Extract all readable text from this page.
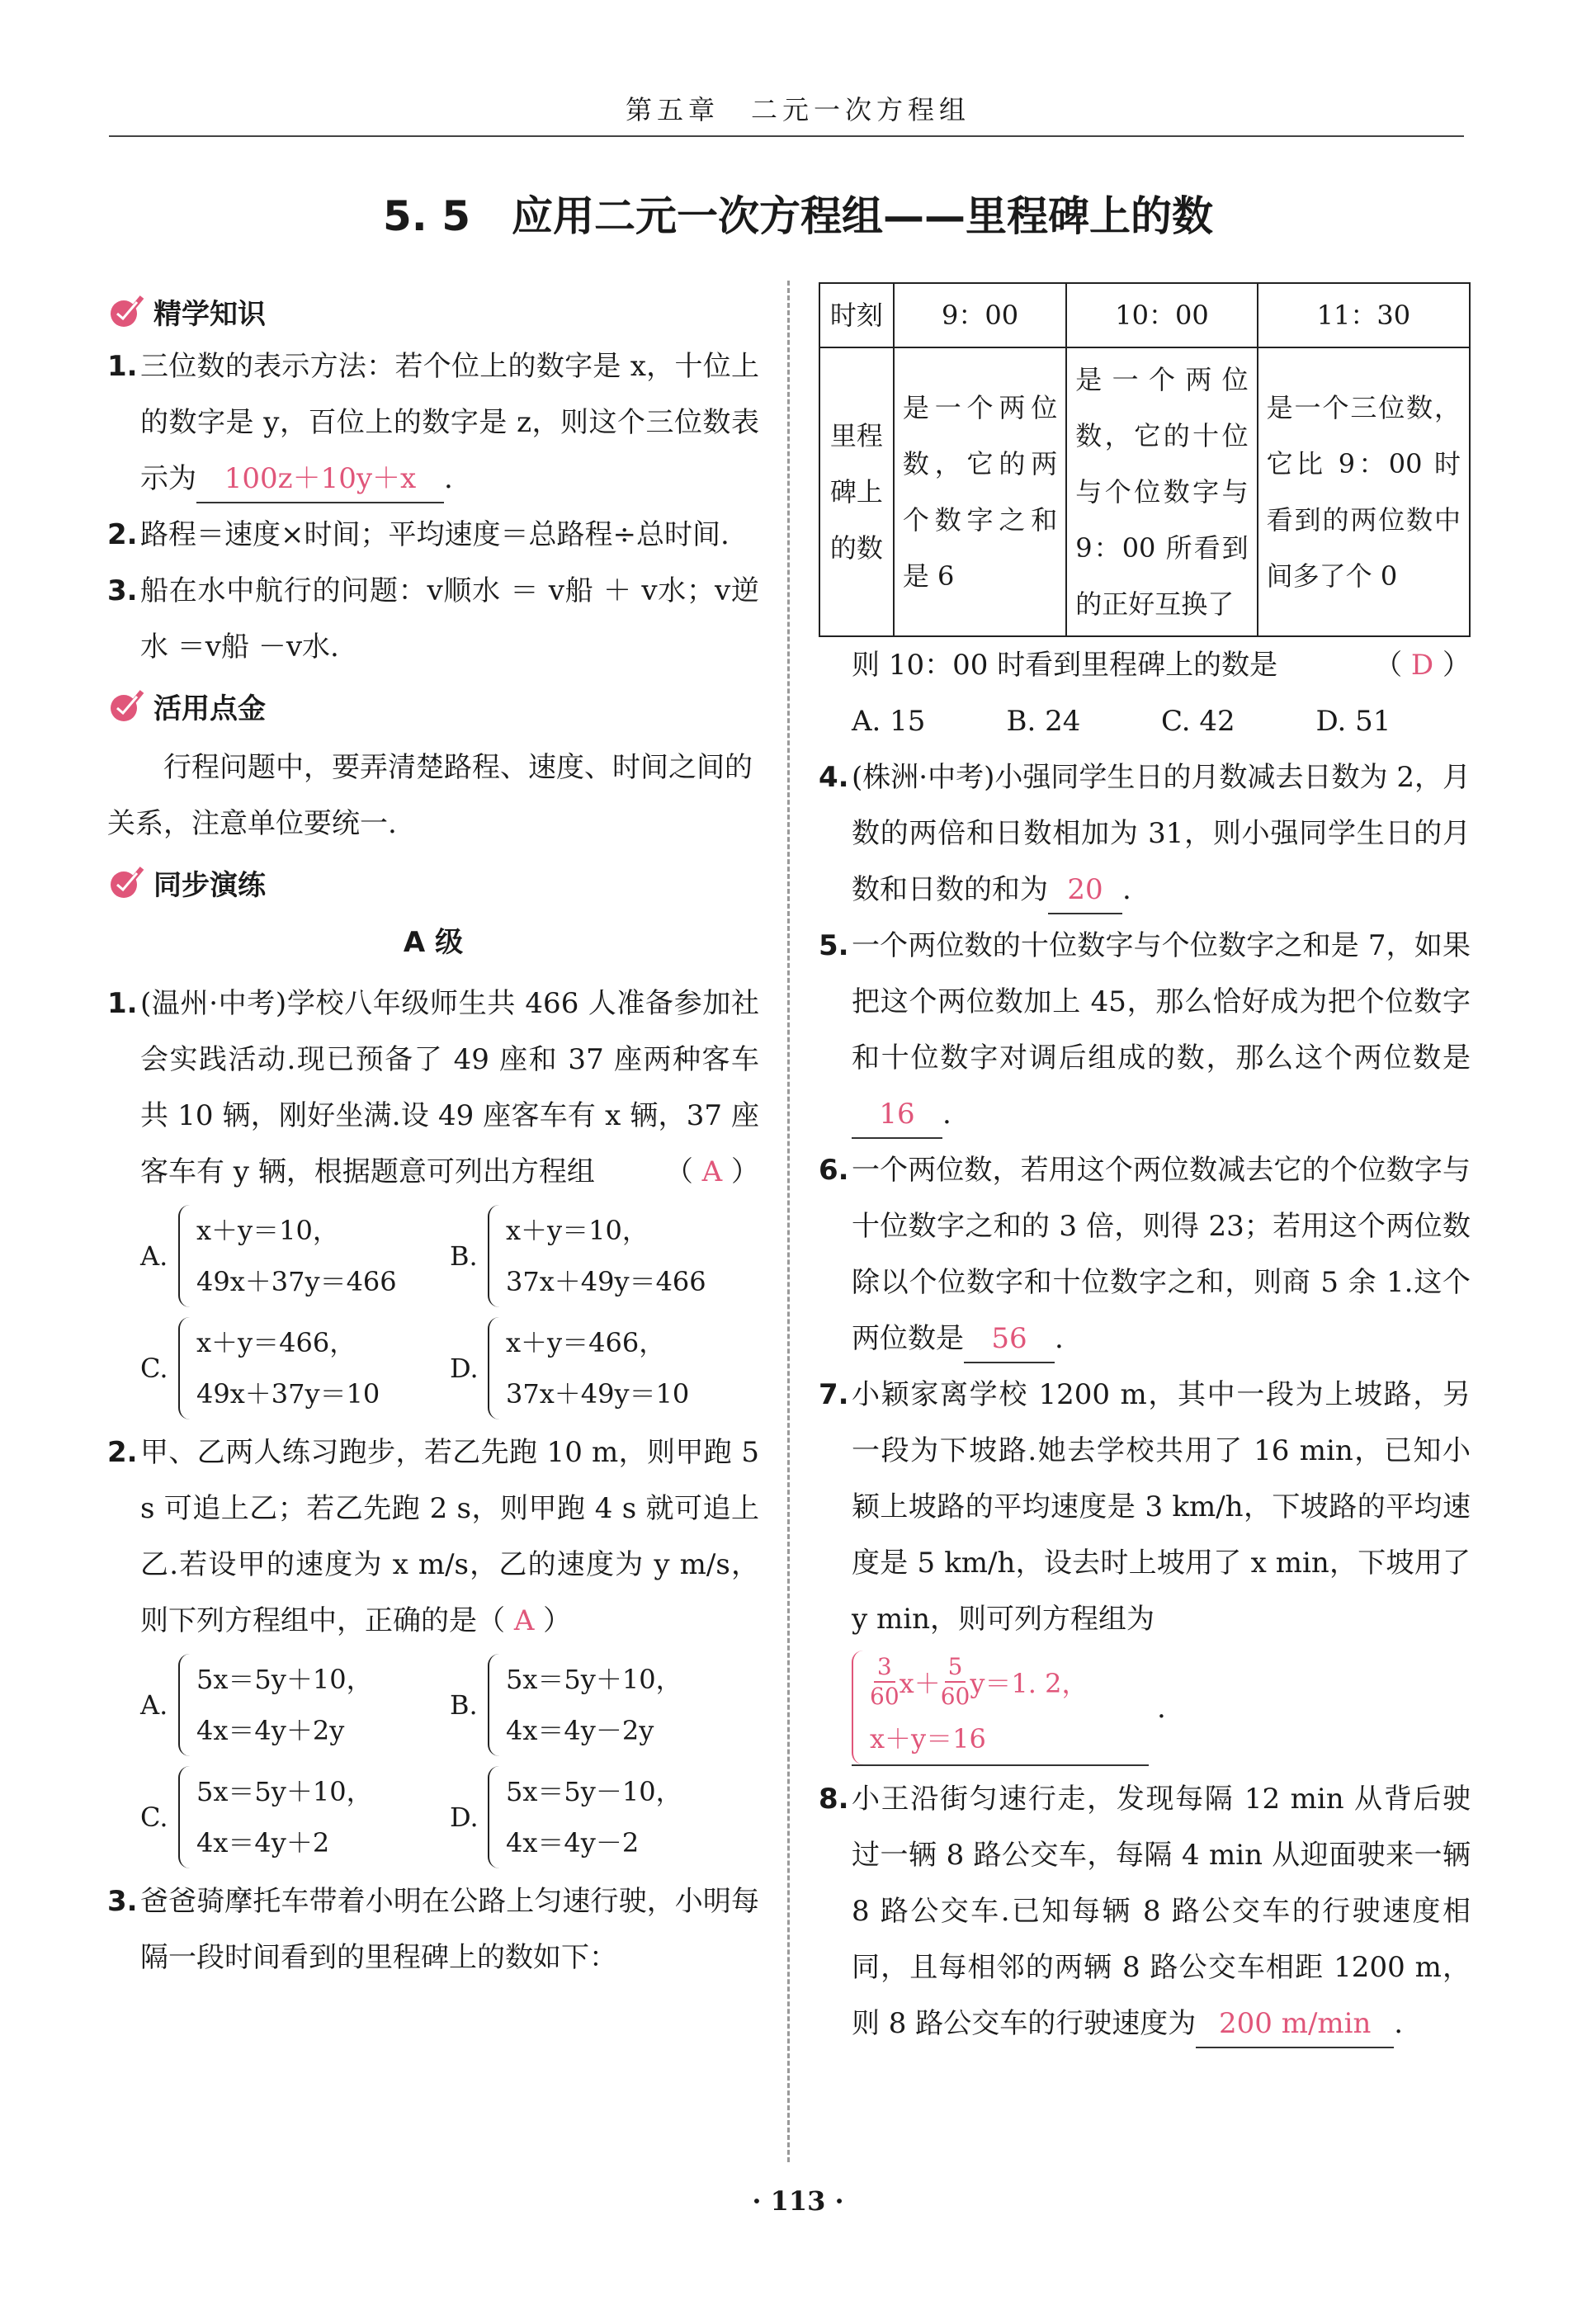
第五章　二元一次方程组
5. 5　应用二元一次方程组——里程碑上的数
精学知识
1. 三位数的表示方法：若个位上的数字是 x，十位上的数字是 y，百位上的数字是 z，则这个三位数表示为 100z＋10y＋x .
2. 路程＝速度×时间；平均速度＝总路程÷总时间.
3. 船在水中航行的问题：v顺水 ＝ v船 ＋ v水；v逆水 ＝v船 －v水.
活用点金
行程问题中，要弄清楚路程、速度、时间之间的关系，注意单位要统一.
同步演练
A 级
1. (温州·中考)学校八年级师生共 466 人准备参加社会实践活动.现已预备了 49 座和 37 座两种客车共 10 辆，刚好坐满.设 49 座客车有 x 辆，37 座客车有 y 辆，根据题意可列出方程组 （ A ）
A.
x＋y＝10，
49x＋37y＝466
B.
x＋y＝10，
37x＋49y＝466
C.
x＋y＝466，
49x＋37y＝10
D.
x＋y＝466，
37x＋49y＝10
2. 甲、乙两人练习跑步，若乙先跑 10 m，则甲跑 5 s 可追上乙；若乙先跑 2 s，则甲跑 4 s 就可追上乙.若设甲的速度为 x m/s，乙的速度为 y m/s，则下列方程组中，正确的是（ A ）
A.
5x＝5y＋10，
4x＝4y＋2y
B.
5x＝5y＋10，
4x＝4y－2y
C.
5x＝5y＋10，
4x＝4y＋2
D.
5x＝5y－10，
4x＝4y－2
3. 爸爸骑摩托车带着小明在公路上匀速行驶，小明每隔一段时间看到的里程碑上的数如下：
时刻	9：00	10：00	11：30
里程碑上的数	是一个两位数，它的两个数字之和是 6	是一个两位数，它的十位与个位数字与 9：00 所看到的正好互换了	是一个三位数，它比 9：00 时看到的两位数中间多了个 0
则 10：00 时看到里程碑上的数是	（ D ）
A. 15	B. 24	C. 42	D. 51
4. (株洲·中考)小强同学生日的月数减去日数为 2，月数的两倍和日数相加为 31，则小强同学生日的月数和日数的和为 20 .
5. 一个两位数的十位数字与个位数字之和是 7，如果把这个两位数加上 45，那么恰好成为把个位数字和十位数字对调后组成的数，那么这个两位数是16 .
6. 一个两位数，若用这个两位数减去它的个位数字与十位数字之和的 3 倍，则得 23；若用这个两位数除以个位数字和十位数字之和，则商 5 余 1.这个两位数是 56 .
7. 小颖家离学校 1200 m，其中一段为上坡路，另一段为下坡路.她去学校共用了 16 min，已知小颖上坡路的平均速度是 3 km/h，下坡路的平均速度是 5 km/h，设去时上坡用了 x min，下坡用了 y min，则可列方程组为
$\frac{3}{60} x+ \frac{5}{60} y=1$. 2，
x＋y＝16
.
8. 小王沿街匀速行走，发现每隔 12 min 从背后驶过一辆 8 路公交车，每隔 4 min 从迎面驶来一辆 8 路公交车.已知每辆 8 路公交车的行驶速度相同，且每相邻的两辆 8 路公交车相距 1200 m，则 8 路公交车的行驶速度为 200 m/min .
· 113 ·
